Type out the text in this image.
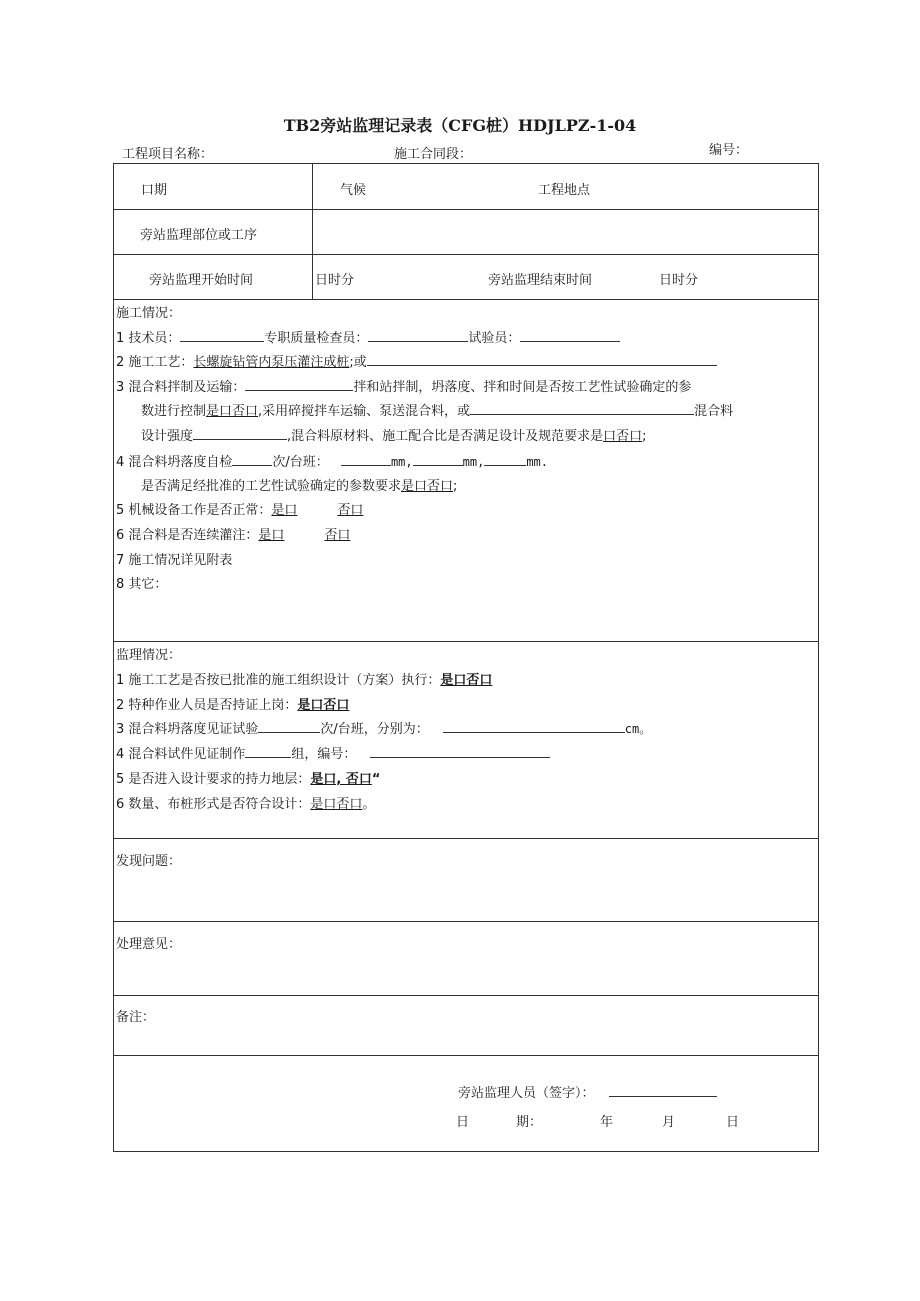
TB2旁站监理记录表（CFG桩）HDJLPZ-1-04
工程项目名称：	施工合同段：	编号：
口期	气候	工程地点
旁站监理部位或工序
旁站监理开始时间	日时分	旁站监理结束时间	日时分
施工情况：
1 技术员：	专职质量检查员：	试验员：
2 施工工艺：长螺旋钻管内泵压灌注成桩;或
3 混合料拌制及运输：	拌和站拌制，坍落度、拌和时间是否按工艺性试验确定的参
数进行控制是口否口,采用碎搅拌车运输、泵送混合料，或	混合料
设计强度	,混合料原材料、施工配合比是否满足设计及规范要求是口否口;
4 混合料坍落度自检	次/台班：	mm,	mm,	mm.
是否满足经批准的工艺性试验确定的参数要求是口否口;
5 机械设备工作是否正常：是口	否口
6 混合料是否连续灌注：是口	否口
7 施工情况详见附表
8 其它：
监理情况：
1 施工工艺是否按已批准的施工组织设计（方案）执行：是口否口
2 特种作业人员是否持证上岗：是口否口
3 混合料坍落度见证试验	次/台班，分别为：	cm。
4 混合料试件见证制作	组，编号：
5 是否进入设计要求的持力地层：是口, 否口“
6 数量、布桩形式是否符合设计：是口否口。
发现问题：
处理意见：
备注：
旁站监理人员（签字）：
日	期：	年	月	日
